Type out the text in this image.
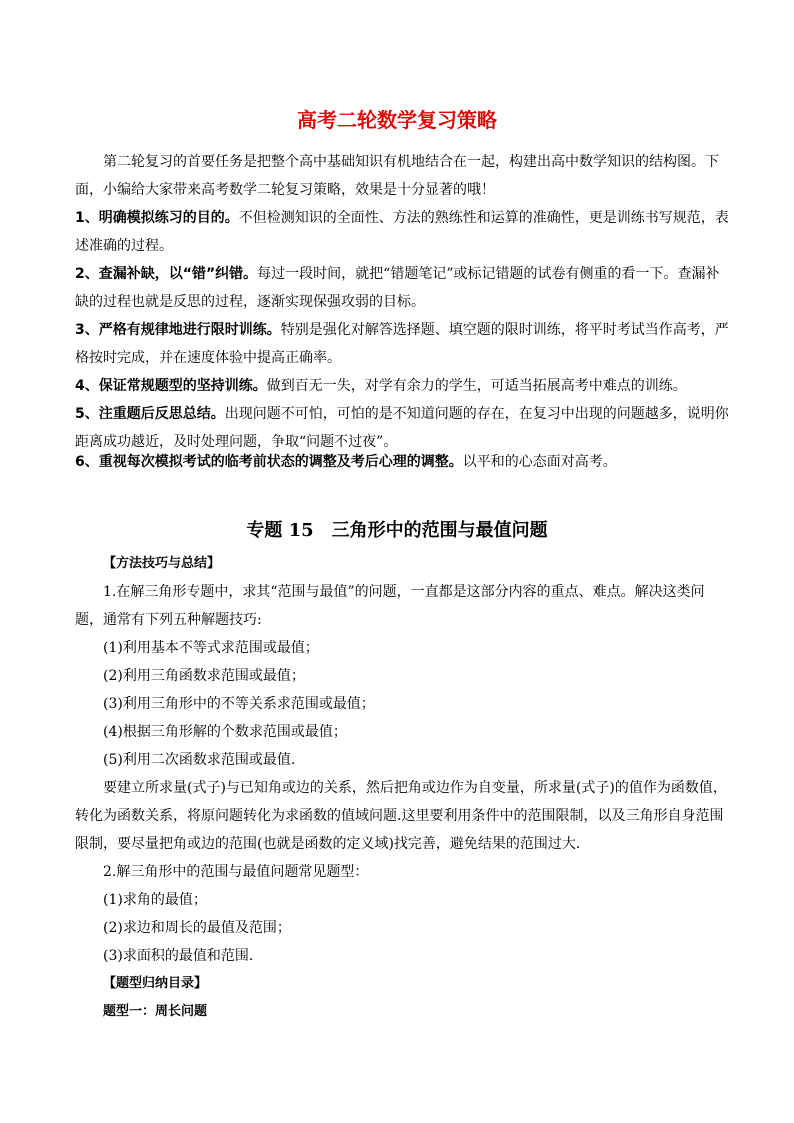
高考二轮数学复习策略

第二轮复习的首要任务是把整个高中基础知识有机地结合在一起，构建出高中数学知识的结构图。下面，小编给大家带来高考数学二轮复习策略，效果是十分显著的哦！

1、明确模拟练习的目的。不但检测知识的全面性、方法的熟练性和运算的准确性，更是训练书写规范，表述准确的过程。

2、查漏补缺，以“错”纠错。每过一段时间，就把“错题笔记”或标记错题的试卷有侧重的看一下。查漏补缺的过程也就是反思的过程，逐渐实现保强攻弱的目标。

3、严格有规律地进行限时训练。特别是强化对解答选择题、填空题的限时训练，将平时考试当作高考，严格按时完成，并在速度体验中提高正确率。

4、保证常规题型的坚持训练。做到百无一失，对学有余力的学生，可适当拓展高考中难点的训练。

5、注重题后反思总结。出现问题不可怕，可怕的是不知道问题的存在，在复习中出现的问题越多，说明你距离成功越近，及时处理问题，争取“问题不过夜”。

6、重视每次模拟考试的临考前状态的调整及考后心理的调整。以平和的心态面对高考。

专题 15　三角形中的范围与最值问题

【方法技巧与总结】

1.在解三角形专题中，求其“范围与最值”的问题，一直都是这部分内容的重点、难点。解决这类问题，通常有下列五种解题技巧:

(1)利用基本不等式求范围或最值；

(2)利用三角函数求范围或最值；

(3)利用三角形中的不等关系求范围或最值；

(4)根据三角形解的个数求范围或最值；

(5)利用二次函数求范围或最值.

要建立所求量(式子)与已知角或边的关系，然后把角或边作为自变量，所求量(式子)的值作为函数值，转化为函数关系，将原问题转化为求函数的值域问题.这里要利用条件中的范围限制，以及三角形自身范围限制，要尽量把角或边的范围(也就是函数的定义域)找完善，避免结果的范围过大.

2.解三角形中的范围与最值问题常见题型：

(1)求角的最值；

(2)求边和周长的最值及范围；

(3)求面积的最值和范围.

【题型归纳目录】

题型一：周长问题
